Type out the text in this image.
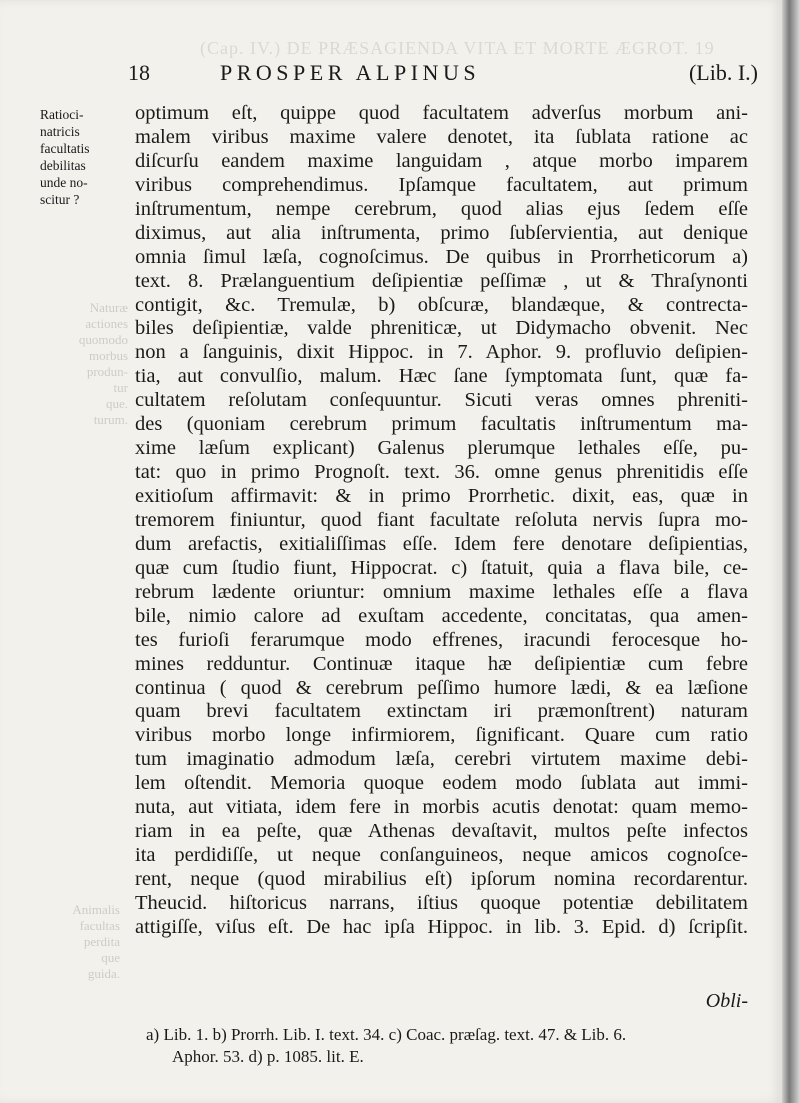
(Cap. IV.) DE PRÆSAGIENDA VITA ET MORTE ÆGROT. 19
Naturæ
actiones
quomodo
morbus
produn-
tur
que.
turum.
Animalis
facultas
perdita
que
guida.
18	PROSPER ALPINUS	(Lib. I.)
Ratioci-
natricis
facultatis
debilitas
unde no-
scitur ?
optimum eſt, quippe quod facultatem adverſus morbum ani-
malem viribus maxime valere denotet, ita ſublata ratione ac
diſcurſu eandem maxime languidam , atque morbo imparem
viribus comprehendimus. Ipſamque facultatem, aut primum
inſtrumentum, nempe cerebrum, quod alias ejus ſedem eſſe
diximus, aut alia inſtrumenta, primo ſubſervientia, aut denique
omnia ſimul læſa, cognoſcimus. De quibus in Prorrheticorum a)
text. 8. Prælanguentium deſipientiæ peſſimæ , ut & Thraſynonti
contigit, &c. Tremulæ, b) obſcuræ, blandæque, & contrecta-
biles deſipientiæ, valde phreniticæ, ut Didymacho obvenit. Nec
non a ſanguinis, dixit Hippoc. in 7. Aphor. 9. profluvio deſipien-
tia, aut convulſio, malum. Hæc ſane ſymptomata ſunt, quæ fa-
cultatem reſolutam conſequuntur. Sicuti veras omnes phreniti-
des (quoniam cerebrum primum facultatis inſtrumentum ma-
xime læſum explicant) Galenus plerumque lethales eſſe, pu-
tat: quo in primo Prognoſt. text. 36. omne genus phrenitidis eſſe
exitioſum affirmavit: & in primo Prorrhetic. dixit, eas, quæ in
tremorem finiuntur, quod fiant facultate reſoluta nervis ſupra mo-
dum arefactis, exitialiſſimas eſſe. Idem fere denotare deſipientias,
quæ cum ſtudio fiunt, Hippocrat. c) ſtatuit, quia a flava bile, ce-
rebrum lædente oriuntur: omnium maxime lethales eſſe a flava
bile, nimio calore ad exuſtam accedente, concitatas, qua amen-
tes furioſi ferarumque modo effrenes, iracundi ferocesque ho-
mines redduntur. Continuæ itaque hæ deſipientiæ cum febre
continua ( quod & cerebrum peſſimo humore lædi, & ea læſione
quam brevi facultatem extinctam iri præmonſtrent) naturam
viribus morbo longe infirmiorem, ſignificant. Quare cum ratio
tum imaginatio admodum læſa, cerebri virtutem maxime debi-
lem oſtendit. Memoria quoque eodem modo ſublata aut immi-
nuta, aut vitiata, idem fere in morbis acutis denotat: quam memo-
riam in ea peſte, quæ Athenas devaſtavit, multos peſte infectos
ita perdidiſſe, ut neque conſanguineos, neque amicos cognoſce-
rent, neque (quod mirabilius eſt) ipſorum nomina recordarentur.
Theucid. hiſtoricus narrans, iſtius quoque potentiæ debilitatem
attigiſſe, viſus eſt. De hac ipſa Hippoc. in lib. 3. Epid. d) ſcripſit.
Obli-
a) Lib. 1. b) Prorrh. Lib. I. text. 34. c) Coac. præſag. text. 47. & Lib. 6.
Aphor. 53. d) p. 1085. lit. E.
